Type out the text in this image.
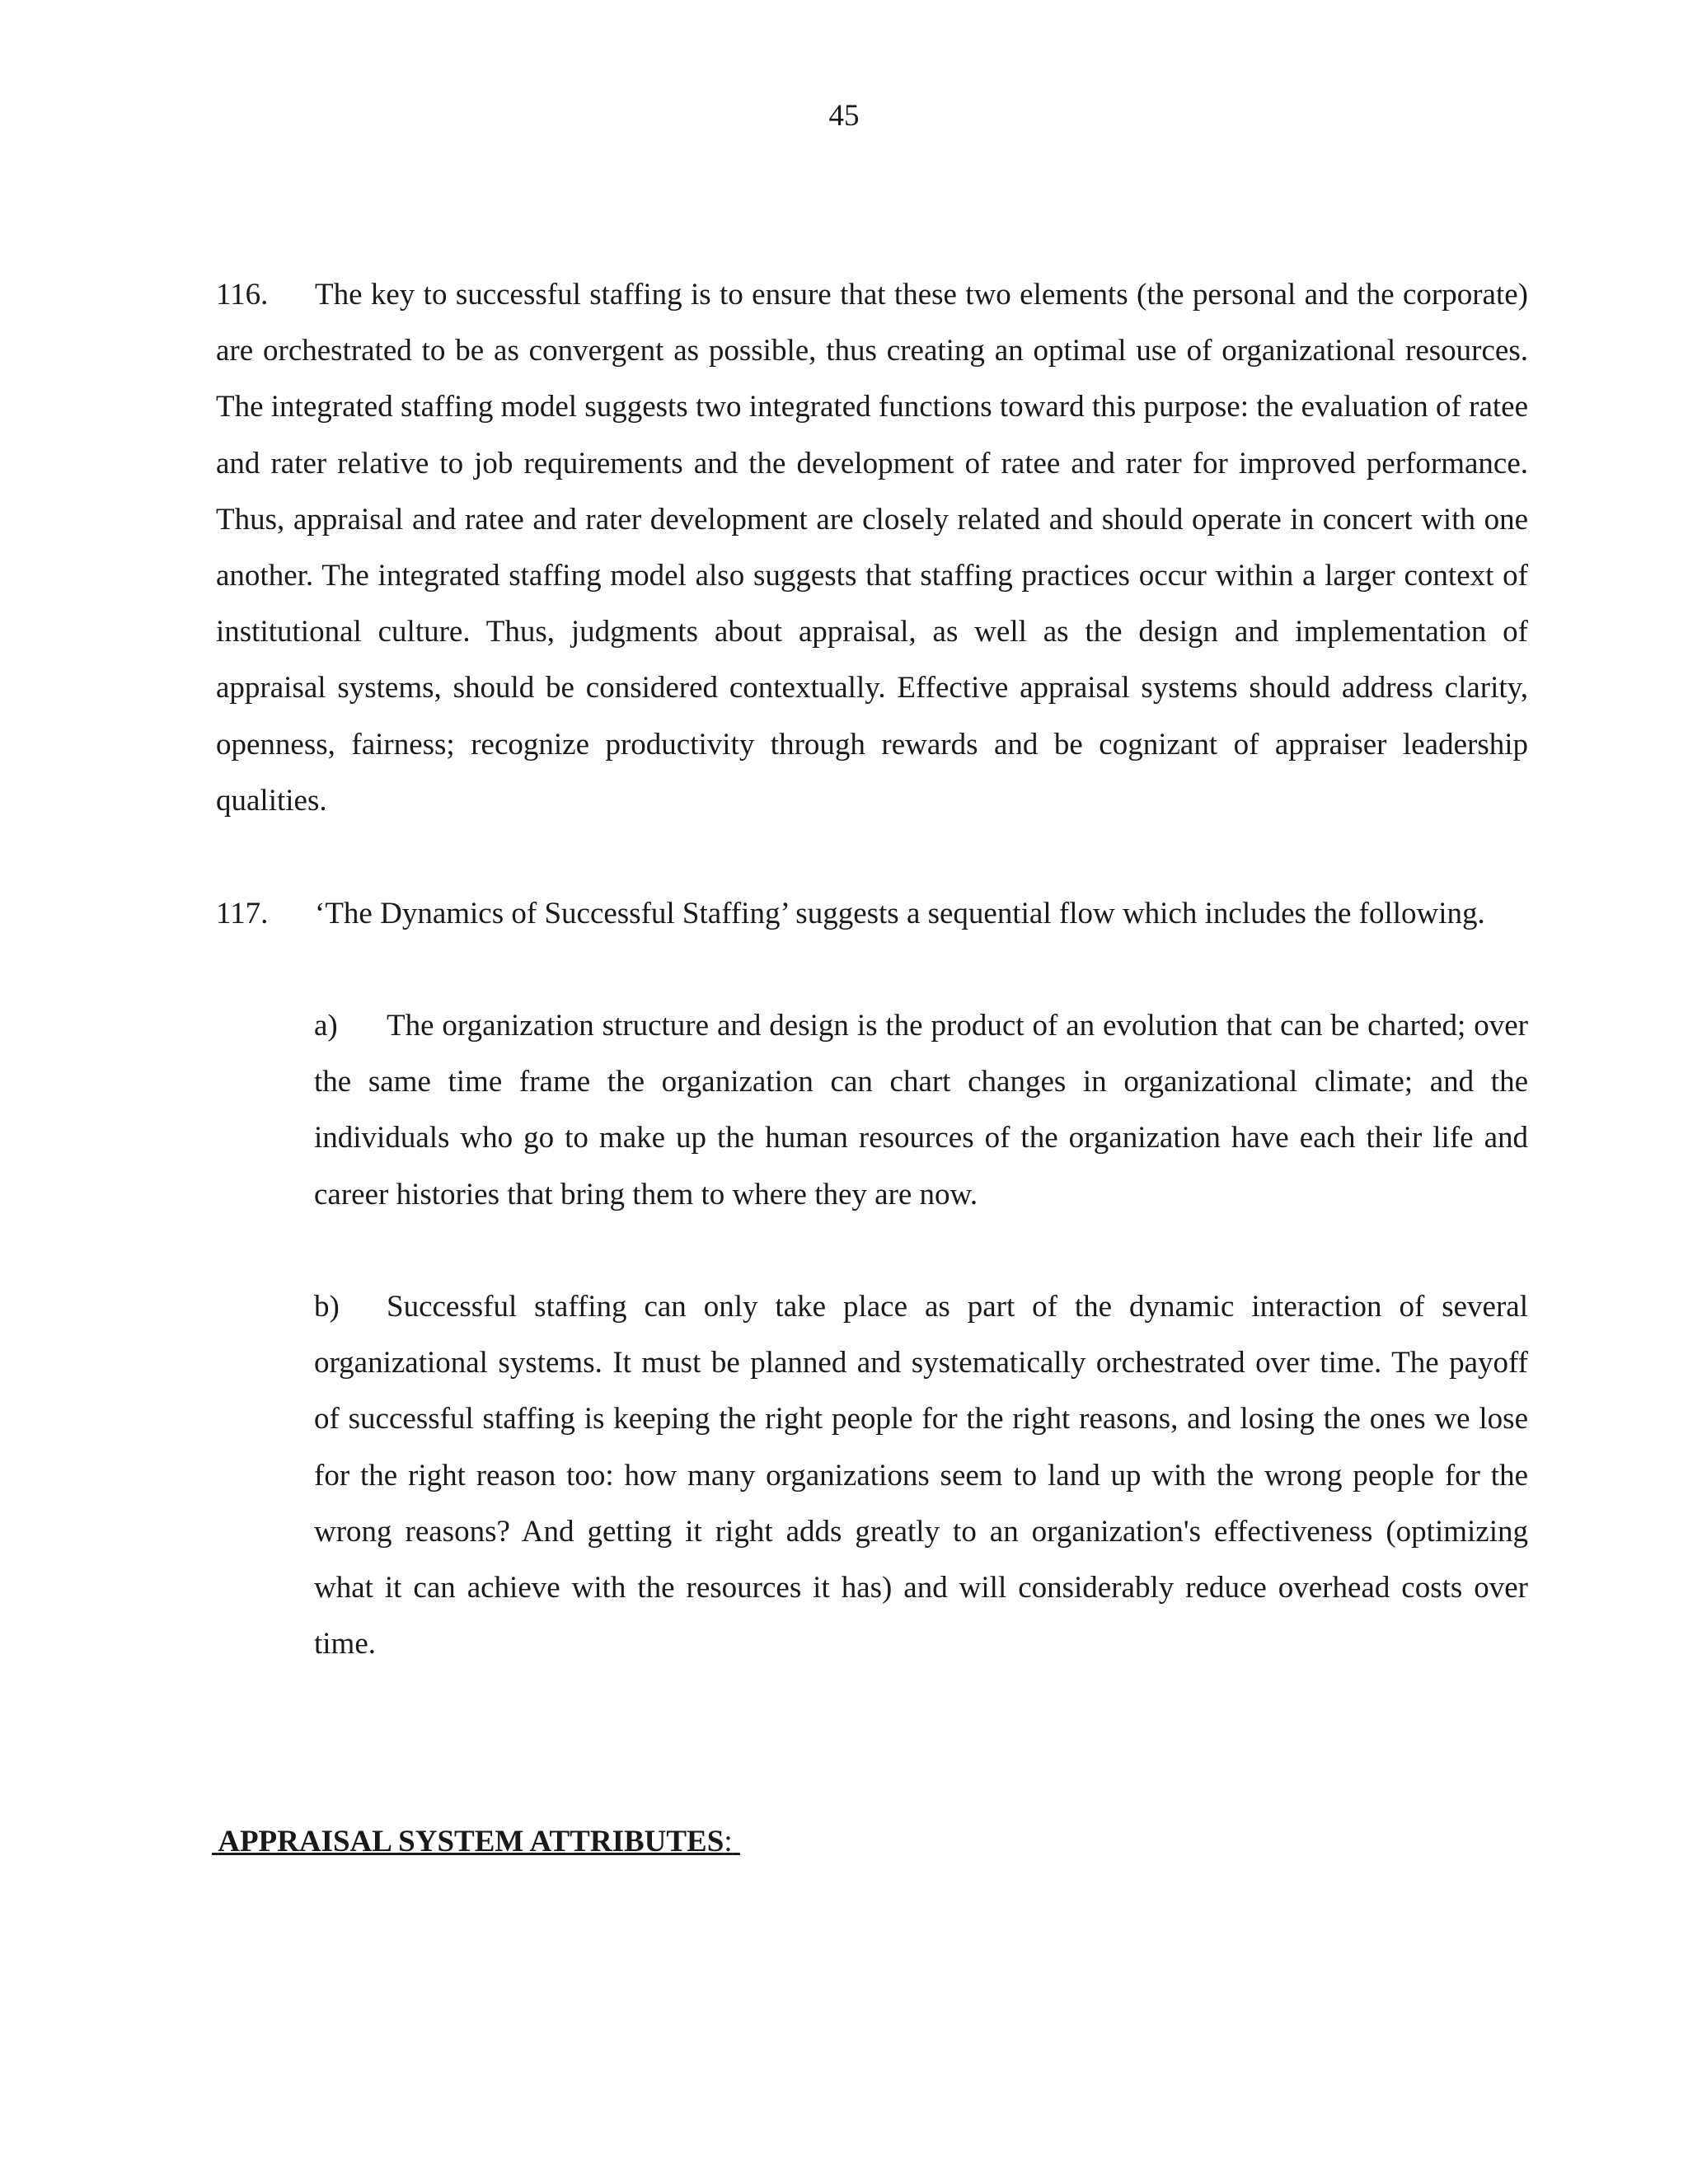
45

116. The key to successful staffing is to ensure that these two elements (the personal and the corporate) are orchestrated to be as convergent as possible, thus creating an optimal use of organizational resources. The integrated staffing model suggests two integrated functions toward this purpose: the evaluation of ratee and rater relative to job requirements and the development of ratee and rater for improved performance. Thus, appraisal and ratee and rater development are closely related and should operate in concert with one another. The integrated staffing model also suggests that staffing practices occur within a larger context of institutional culture. Thus, judgments about appraisal, as well as the design and implementation of appraisal systems, should be considered contextually. Effective appraisal systems should address clarity, openness, fairness; recognize productivity through rewards and be cognizant of appraiser leadership qualities.

117. ‘The Dynamics of Successful Staffing’ suggests a sequential flow which includes the following.

a) The organization structure and design is the product of an evolution that can be charted; over the same time frame the organization can chart changes in organizational climate; and the individuals who go to make up the human resources of the organization have each their life and career histories that bring them to where they are now.

b) Successful staffing can only take place as part of the dynamic interaction of several organizational systems. It must be planned and systematically orchestrated over time. The payoff of successful staffing is keeping the right people for the right reasons, and losing the ones we lose for the right reason too: how many organizations seem to land up with the wrong people for the wrong reasons? And getting it right adds greatly to an organization's effectiveness (optimizing what it can achieve with the resources it has) and will considerably reduce overhead costs over time.

APPRAISAL SYSTEM ATTRIBUTES:
